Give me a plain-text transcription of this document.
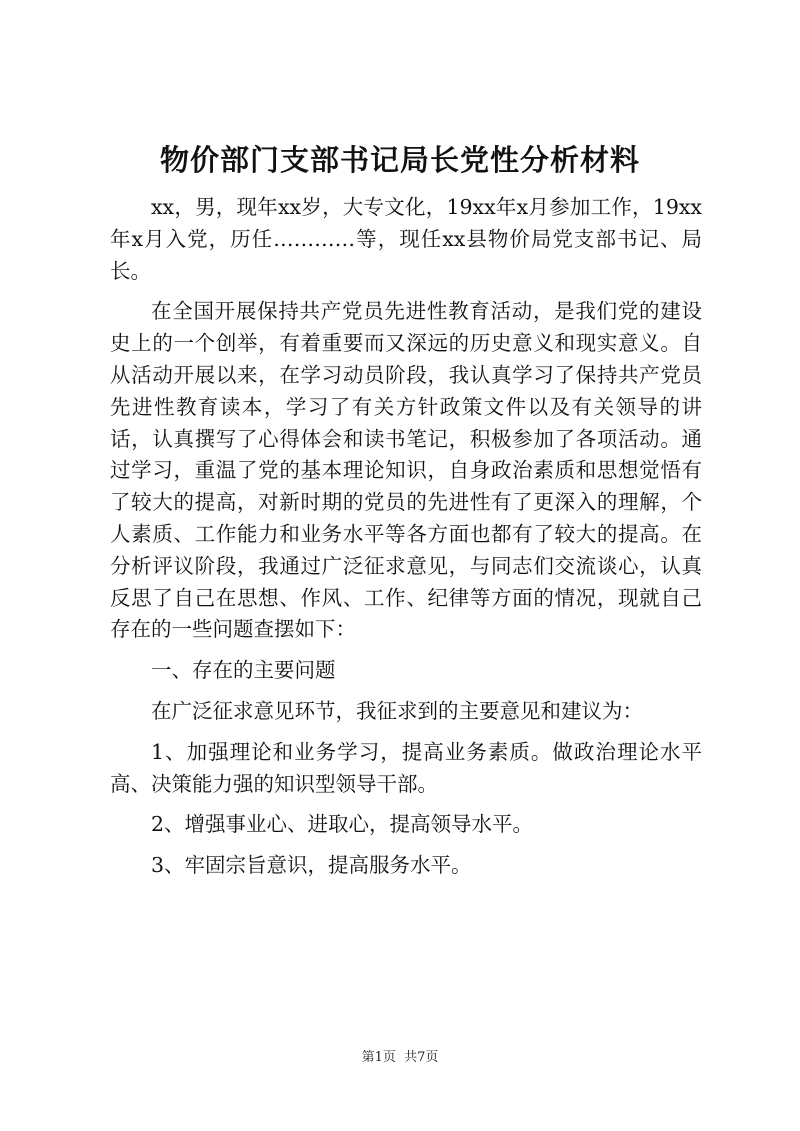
物价部门支部书记局长党性分析材料

xx，男，现年xx岁，大专文化，19xx年x月参加工作，19xx年x月入党，历任…………等，现任xx县物价局党支部书记、局长。

在全国开展保持共产党员先进性教育活动，是我们党的建设史上的一个创举，有着重要而又深远的历史意义和现实意义。自从活动开展以来，在学习动员阶段，我认真学习了保持共产党员先进性教育读本，学习了有关方针政策文件以及有关领导的讲话，认真撰写了心得体会和读书笔记，积极参加了各项活动。通过学习，重温了党的基本理论知识，自身政治素质和思想觉悟有了较大的提高，对新时期的党员的先进性有了更深入的理解，个人素质、工作能力和业务水平等各方面也都有了较大的提高。在分析评议阶段，我通过广泛征求意见，与同志们交流谈心，认真反思了自己在思想、作风、工作、纪律等方面的情况，现就自己存在的一些问题查摆如下：

一、存在的主要问题

在广泛征求意见环节，我征求到的主要意见和建议为：

1、加强理论和业务学习，提高业务素质。做政治理论水平高、决策能力强的知识型领导干部。

2、增强事业心、进取心，提高领导水平。

3、牢固宗旨意识，提高服务水平。

第1页 共7页
